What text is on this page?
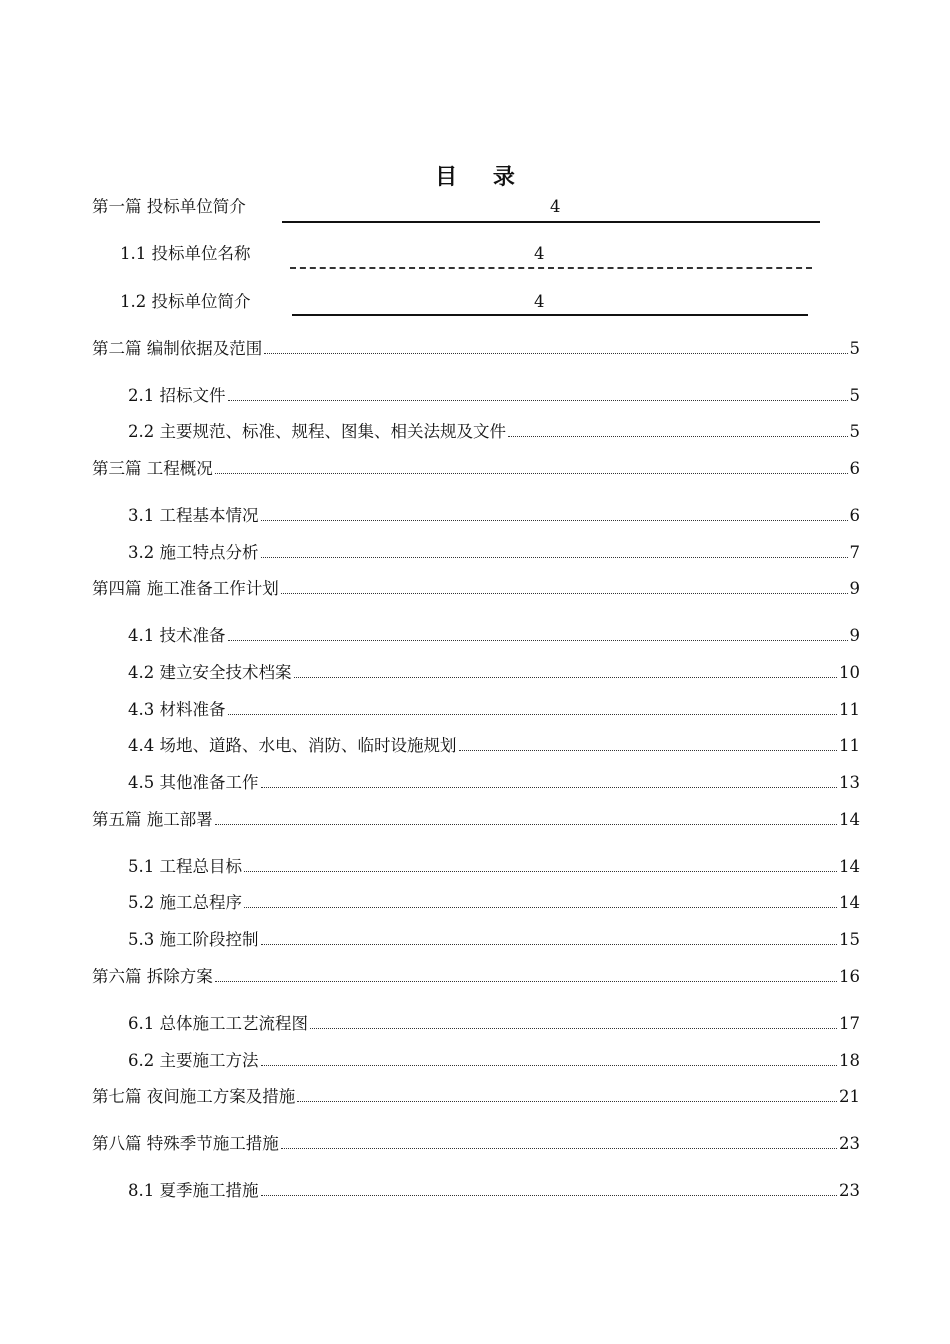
目 录
第一篇 投标单位简介	4
1.1 投标单位名称	4
1.2 投标单位简介	4
第二篇 编制依据及范围	5
2.1 招标文件	5
2.2 主要规范、标准、规程、图集、相关法规及文件	5
第三篇 工程概况	6
3.1 工程基本情况	6
3.2 施工特点分析	7
第四篇 施工准备工作计划	9
4.1 技术准备	9
4.2 建立安全技术档案	10
4.3 材料准备	11
4.4 场地、道路、水电、消防、临时设施规划	11
4.5 其他准备工作	13
第五篇 施工部署	14
5.1 工程总目标	14
5.2 施工总程序	14
5.3 施工阶段控制	15
第六篇 拆除方案	16
6.1 总体施工工艺流程图	17
6.2 主要施工方法	18
第七篇 夜间施工方案及措施	21
第八篇 特殊季节施工措施	23
8.1 夏季施工措施	23
